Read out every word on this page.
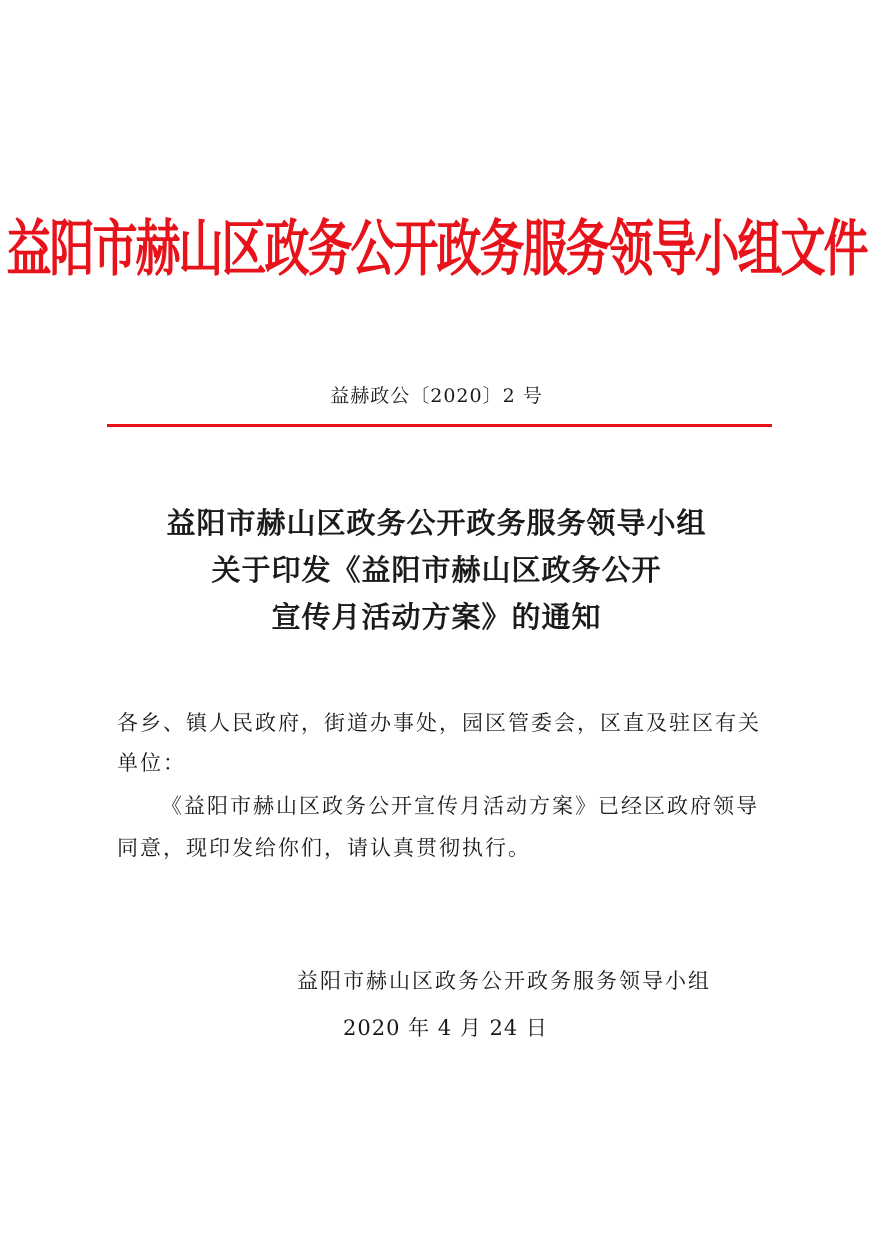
益阳市赫山区政务公开政务服务领导小组文件
益赫政公〔2020〕2 号
益阳市赫山区政务公开政务服务领导小组
关于印发《益阳市赫山区政务公开
宣传月活动方案》的通知
各乡、镇人民政府，街道办事处，园区管委会，区直及驻区有关单位：
《益阳市赫山区政务公开宣传月活动方案》已经区政府领导同意，现印发给你们，请认真贯彻执行。
益阳市赫山区政务公开政务服务领导小组
2020 年 4 月 24 日
